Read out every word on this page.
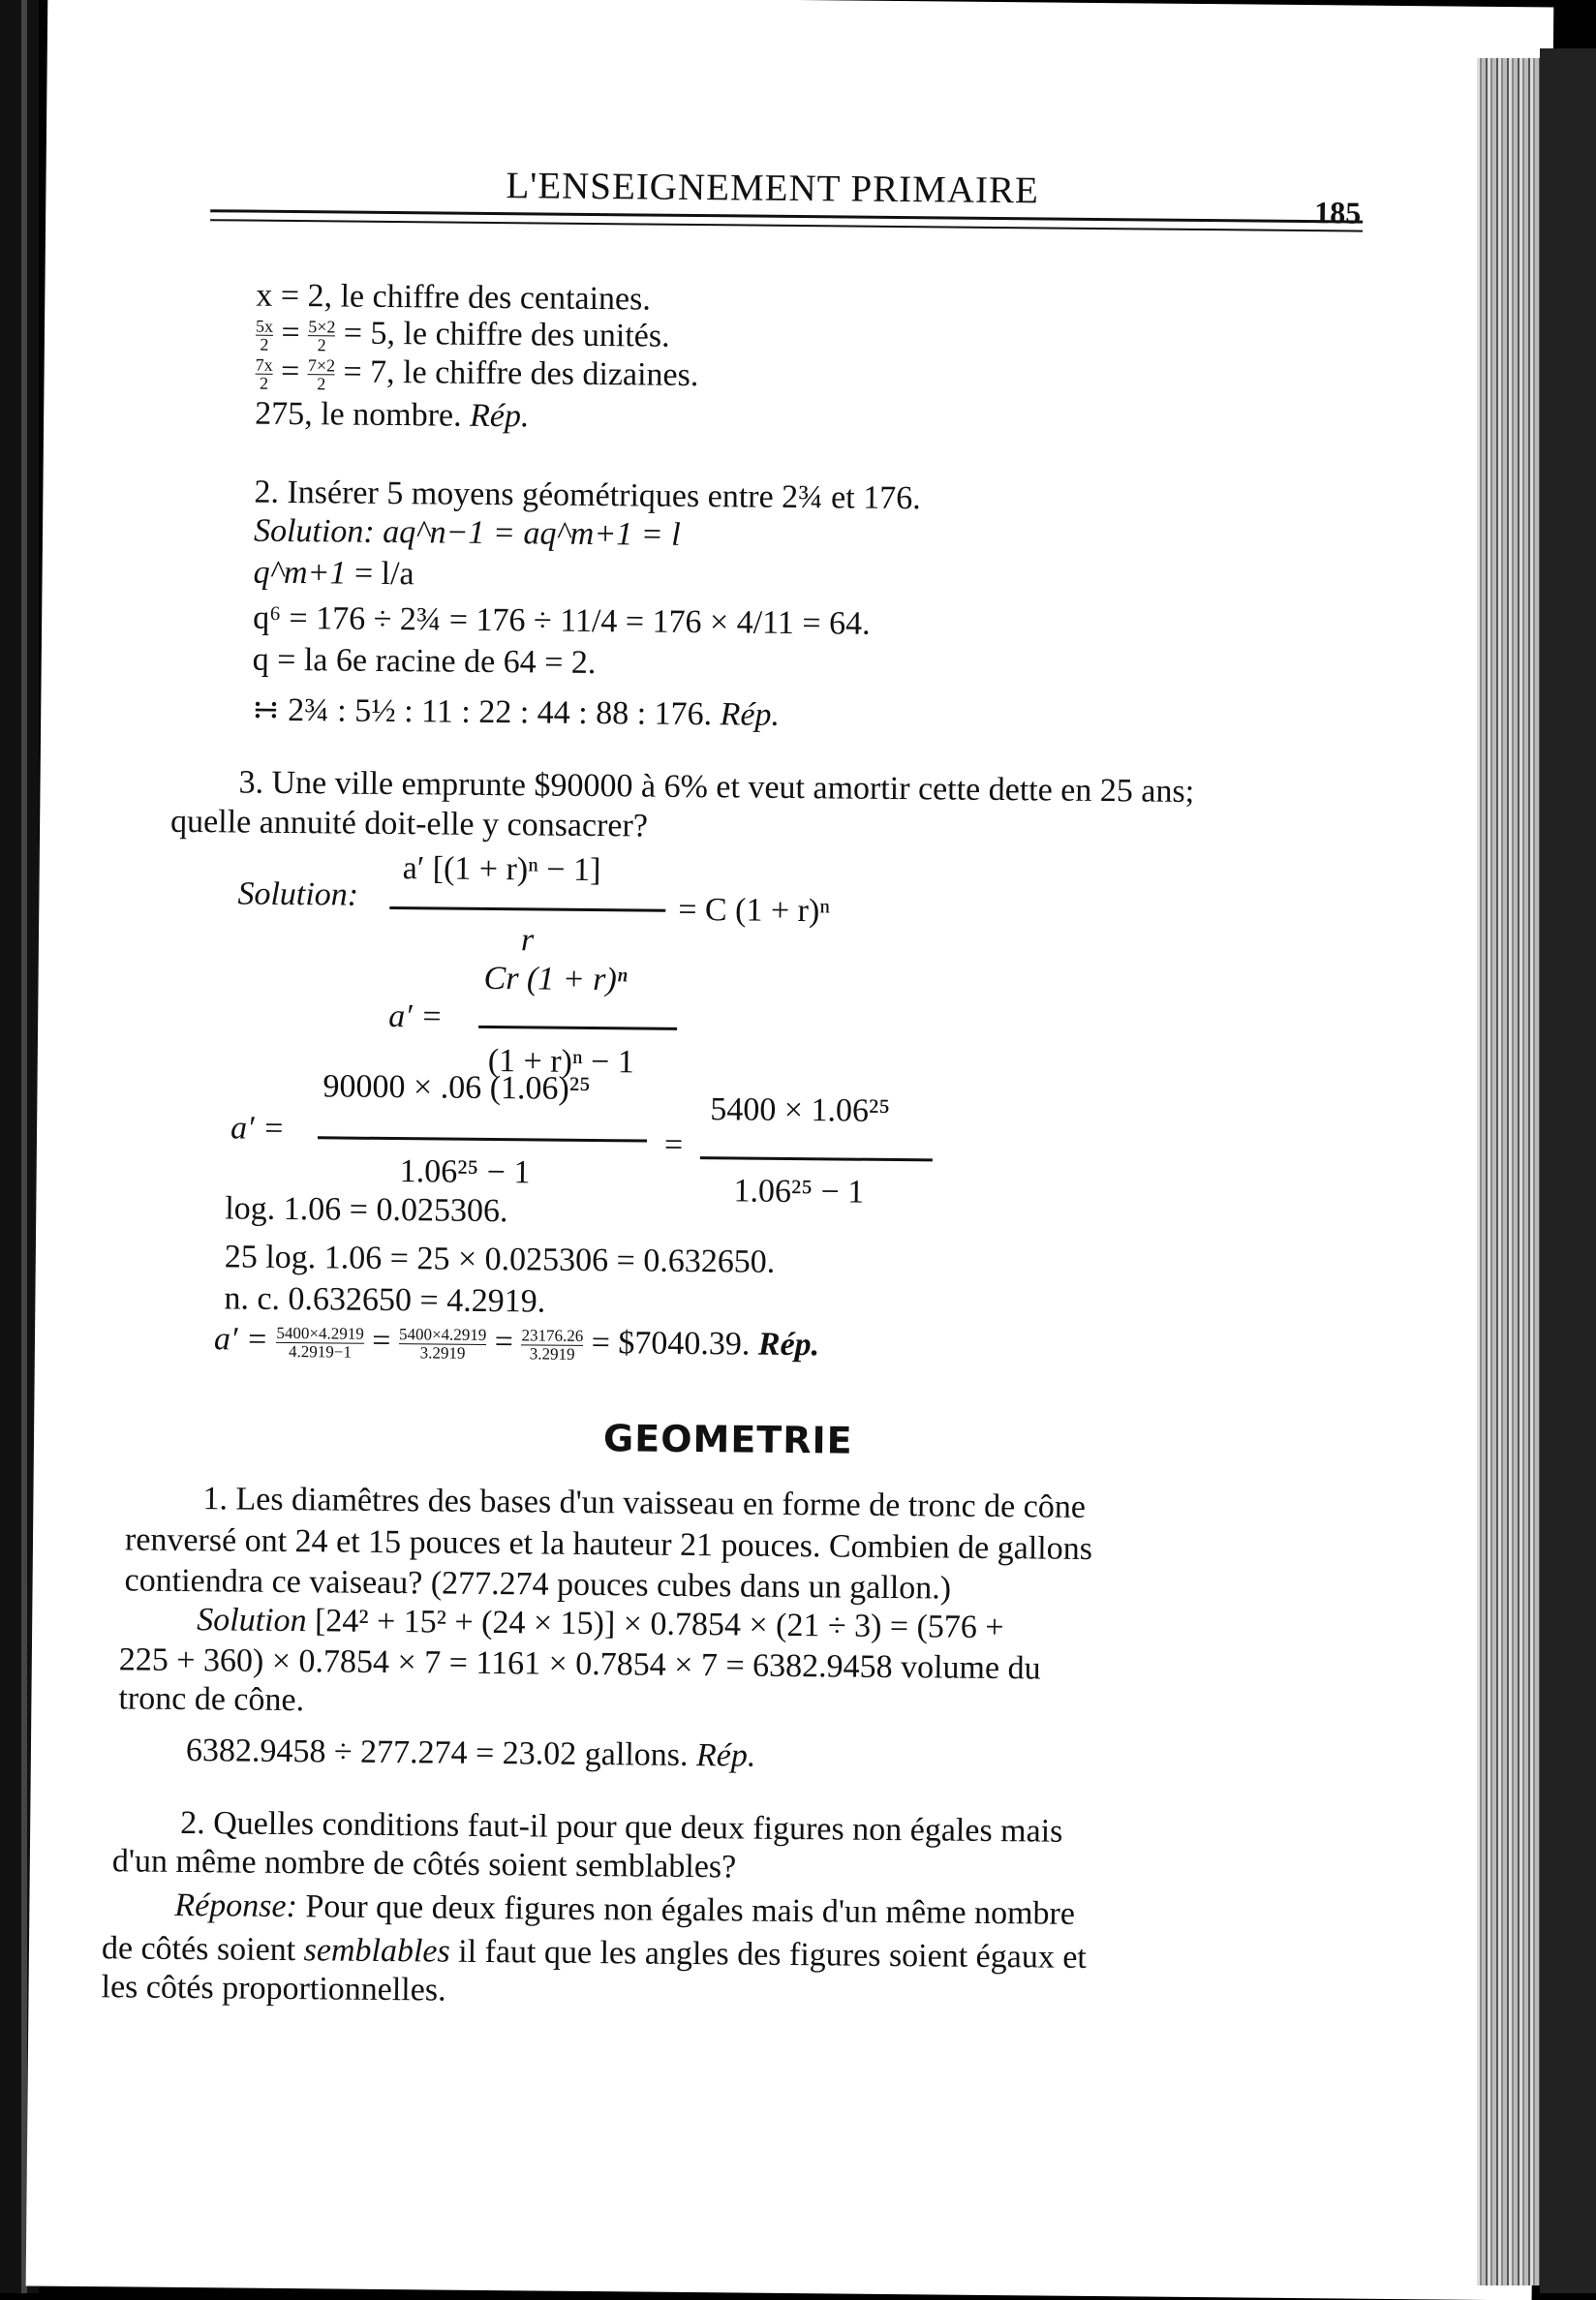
L'ENSEIGNEMENT PRIMAIRE
185
x = 2, le chiffre des centaines.
$\frac{5x}{2} = \frac{5\times 2}{2} = 5$, le chiffre des unités.
$\frac{7x}{2} = \frac{7\times 2}{2} = 7$, le chiffre des dizaines.
275, le nombre. Rép.
2. Insérer 5 moyens géométriques entre 2¾ et 176.
Solution: aq^n−1 = aq^m+1 = l
q^m+1 = l/a
q⁶ = 176 ÷ 2¾ = 176 ÷ 11/4 = 176 × 4/11 = 64.
q = la 6e racine de 64 = 2.
∺ 2¾ : 5½ : 11 : 22 : 44 : 88 : 176. Rép.
3. Une ville emprunte $90000 à 6% et veut amortir cette dette en 25 ans;
quelle annuité doit-elle y consacrer?
Solution:
a′ [(1 + r)ⁿ − 1]
r
= C (1 + r)ⁿ
a′ =
Cr (1 + r)ⁿ
(1 + r)ⁿ − 1
a′ =
90000 × .06 (1.06)²⁵
1.06²⁵ − 1
=
5400 × 1.06²⁵
1.06²⁵ − 1
log. 1.06 = 0.025306.
25 log. 1.06 = 25 × 0.025306 = 0.632650.
n. c. 0.632650 = 4.2919.
$a' = \frac{5400\times 4.2919}{4.2919-1} = \frac{5400\times 4.2919}{3.2919} = \frac{23176.26}{3.2919}$ = $7040.39. Rép.
GEOMETRIE
1. Les diamêtres des bases d'un vaisseau en forme de tronc de cône
renversé ont 24 et 15 pouces et la hauteur 21 pouces. Combien de gallons
contiendra ce vaiseau? (277.274 pouces cubes dans un gallon.)
Solution [24² + 15² + (24 × 15)] × 0.7854 × (21 ÷ 3) = (576 +
225 + 360) × 0.7854 × 7 = 1161 × 0.7854 × 7 = 6382.9458 volume du
tronc de cône.
6382.9458 ÷ 277.274 = 23.02 gallons. Rép.
2. Quelles conditions faut-il pour que deux figures non égales mais
d'un même nombre de côtés soient semblables?
Réponse: Pour que deux figures non égales mais d'un même nombre
de côtés soient semblables il faut que les angles des figures soient égaux et
les côtés proportionnelles.
